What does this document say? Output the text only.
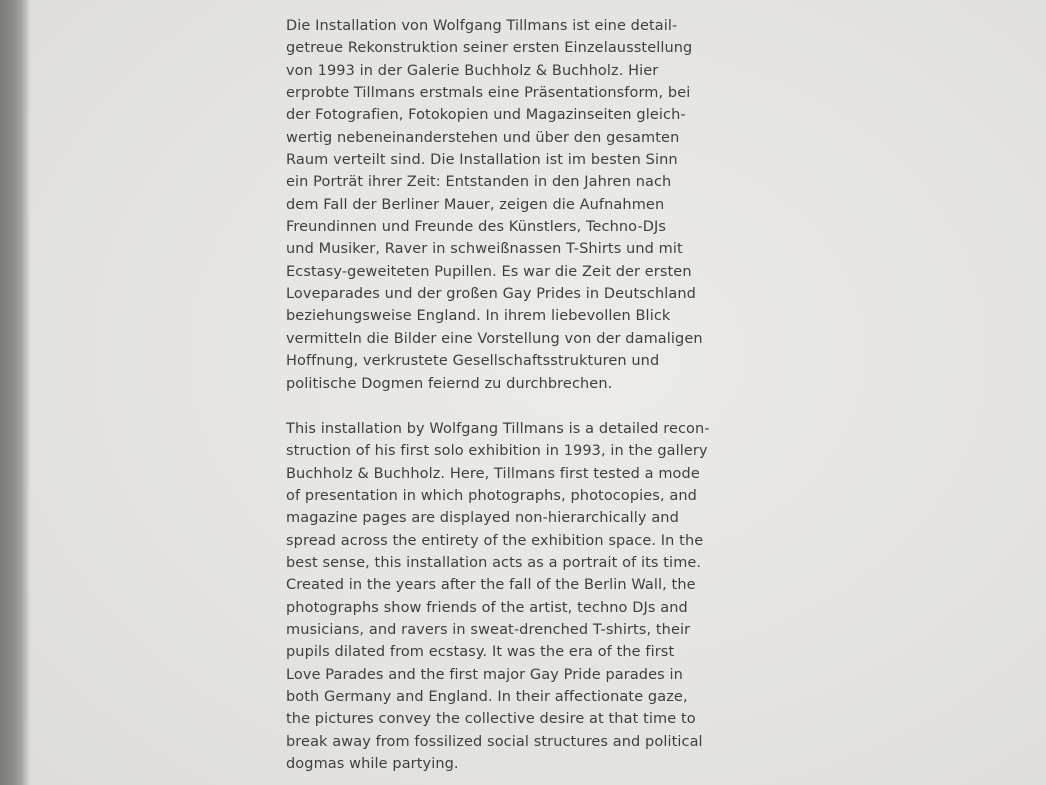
Die Installation von Wolfgang Tillmans ist eine detail-
getreue Rekonstruktion seiner ersten Einzelausstellung
von 1993 in der Galerie Buchholz & Buchholz. Hier
erprobte Tillmans erstmals eine Präsentationsform, bei
der Fotografien, Fotokopien und Magazinseiten gleich-
wertig nebeneinanderstehen und über den gesamten
Raum verteilt sind. Die Installation ist im besten Sinn
ein Porträt ihrer Zeit: Entstanden in den Jahren nach
dem Fall der Berliner Mauer, zeigen die Aufnahmen
Freundinnen und Freunde des Künstlers, Techno-DJs
und Musiker, Raver in schweißnassen T-Shirts und mit
Ecstasy-geweiteten Pupillen. Es war die Zeit der ersten
Loveparades und der großen Gay Prides in Deutschland
beziehungsweise England. In ihrem liebevollen Blick
vermitteln die Bilder eine Vorstellung von der damaligen
Hoffnung, verkrustete Gesellschaftsstrukturen und
politische Dogmen feiernd zu durchbrechen.

This installation by Wolfgang Tillmans is a detailed recon-
struction of his first solo exhibition in 1993, in the gallery
Buchholz & Buchholz. Here, Tillmans first tested a mode
of presentation in which photographs, photocopies, and
magazine pages are displayed non-hierarchically and
spread across the entirety of the exhibition space. In the
best sense, this installation acts as a portrait of its time.
Created in the years after the fall of the Berlin Wall, the
photographs show friends of the artist, techno DJs and
musicians, and ravers in sweat-drenched T-shirts, their
pupils dilated from ecstasy. It was the era of the first
Love Parades and the first major Gay Pride parades in
both Germany and England. In their affectionate gaze,
the pictures convey the collective desire at that time to
break away from fossilized social structures and political
dogmas while partying.
